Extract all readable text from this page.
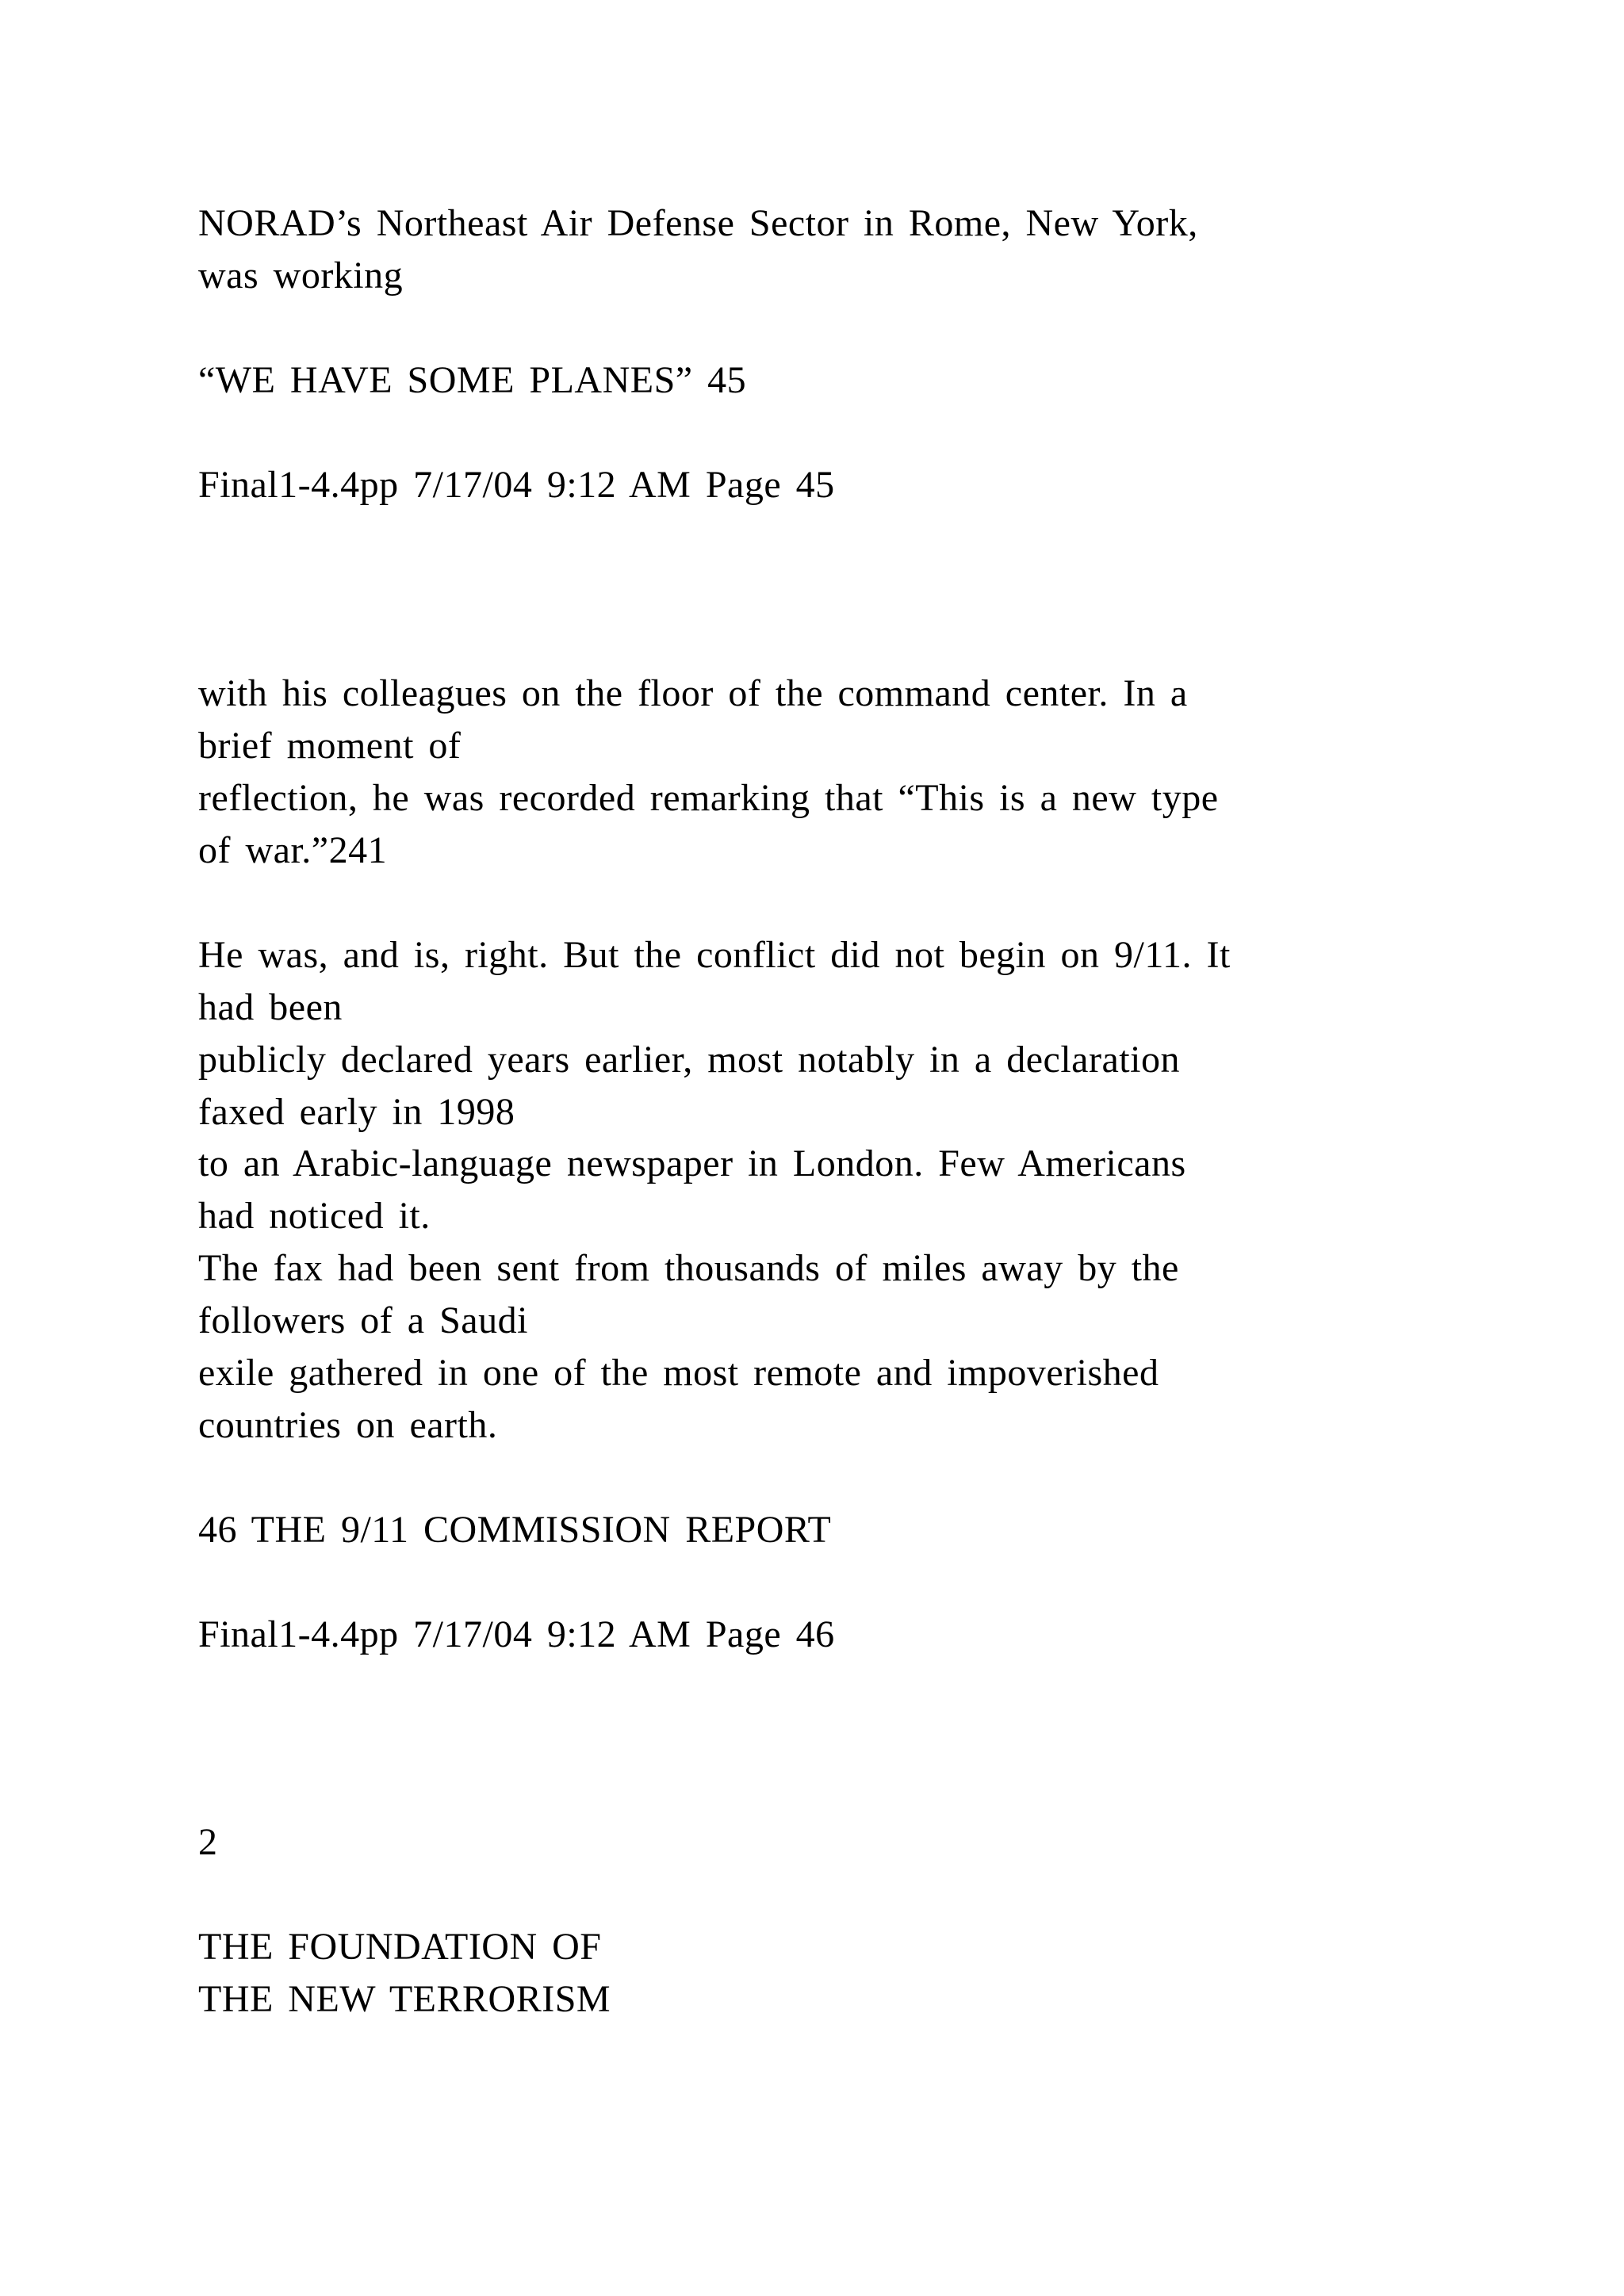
NORAD’s Northeast Air Defense Sector in Rome, New York,
was working
“WE HAVE SOME PLANES” 45
Final1-4.4pp 7/17/04 9:12 AM Page 45
with his colleagues on the floor of the command center. In a
brief moment of
reflection, he was recorded remarking that “This is a new type
of war.”241
He was, and is, right. But the conflict did not begin on 9/11. It
had been
publicly declared years earlier, most notably in a declaration
faxed early in 1998
to an Arabic-language newspaper in London. Few Americans
had noticed it.
The fax had been sent from thousands of miles away by the
followers of a Saudi
exile gathered in one of the most remote and impoverished
countries on earth.
46 THE 9/11 COMMISSION REPORT
Final1-4.4pp 7/17/04 9:12 AM Page 46
2
THE FOUNDATION OF
THE NEW TERRORISM
